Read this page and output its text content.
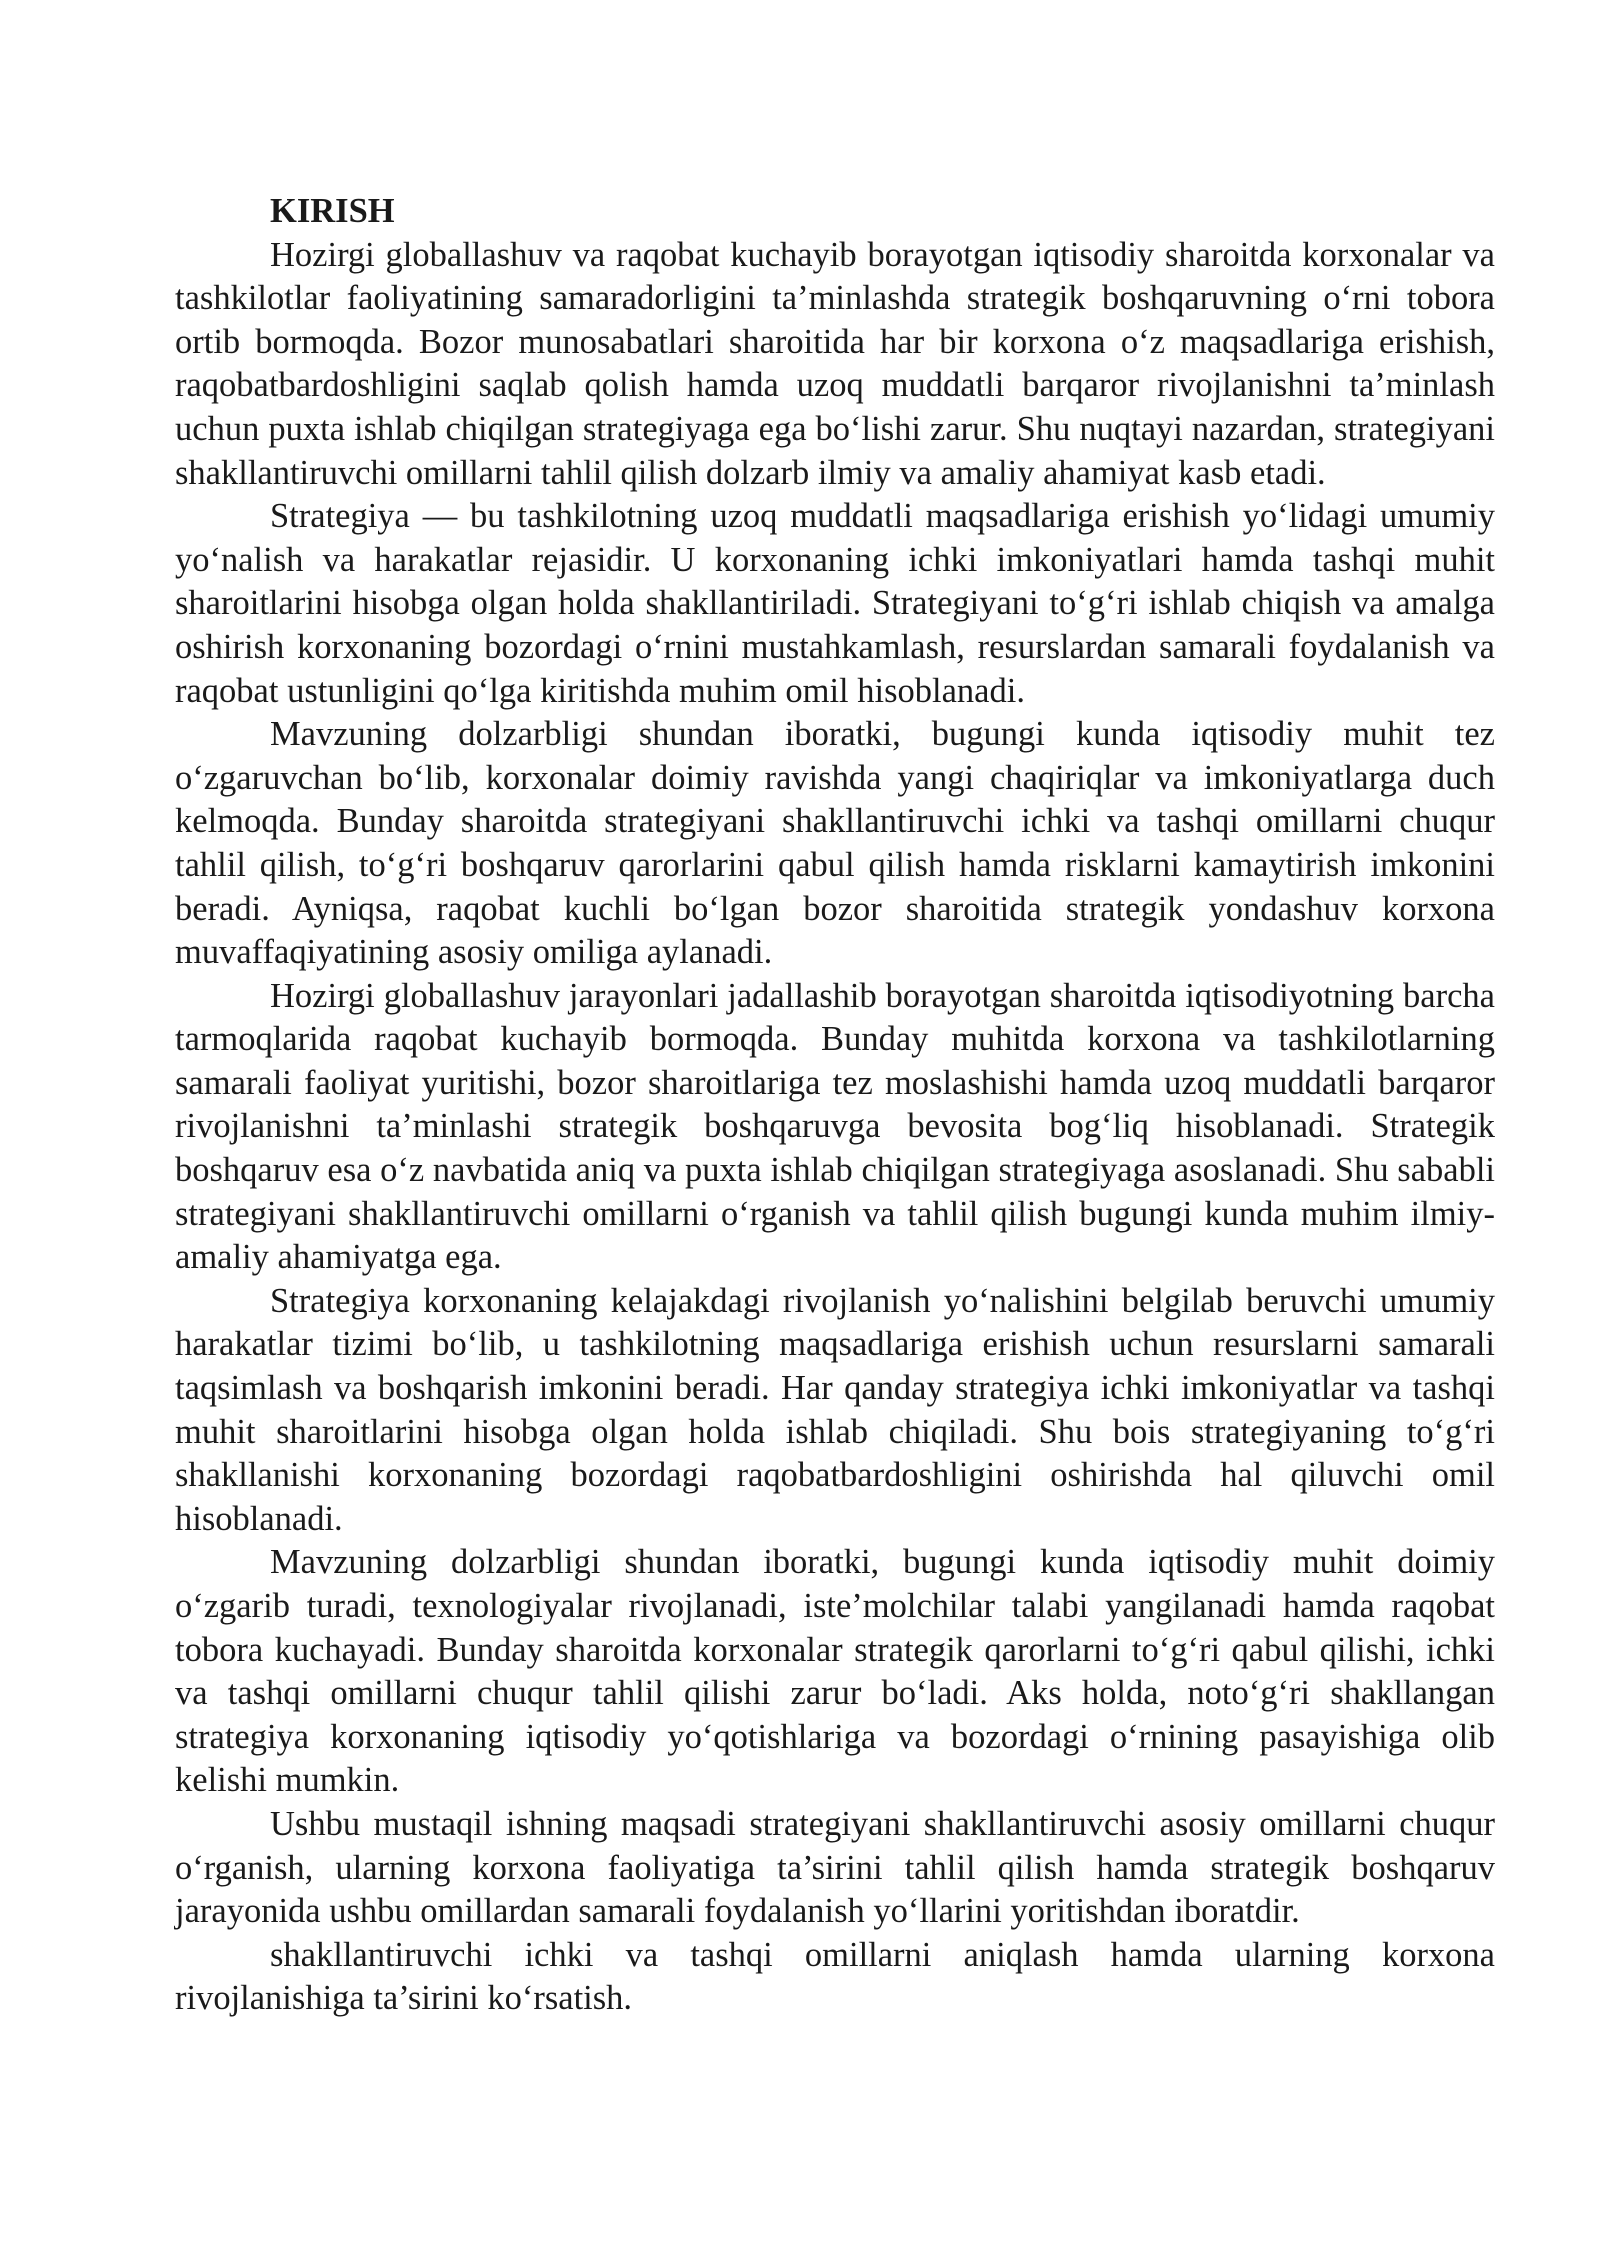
KIRISH

Hozirgi globallashuv va raqobat kuchayib borayotgan iqtisodiy sharoitda korxonalar va tashkilotlar faoliyatining samaradorligini ta’minlashda strategik boshqaruvning o‘rni tobora ortib bormoqda. Bozor munosabatlari sharoitida har bir korxona o‘z maqsadlariga erishish, raqobatbardoshligini saqlab qolish hamda uzoq muddatli barqaror rivojlanishni ta’minlash uchun puxta ishlab chiqilgan strategiyaga ega bo‘lishi zarur. Shu nuqtayi nazardan, strategiyani shakllantiruvchi omillarni tahlil qilish dolzarb ilmiy va amaliy ahamiyat kasb etadi.

Strategiya — bu tashkilotning uzoq muddatli maqsadlariga erishish yo‘lidagi umumiy yo‘nalish va harakatlar rejasidir. U korxonaning ichki imkoniyatlari hamda tashqi muhit sharoitlarini hisobga olgan holda shakllantiriladi. Strategiyani to‘g‘ri ishlab chiqish va amalga oshirish korxonaning bozordagi o‘rnini mustahkamlash, resurslardan samarali foydalanish va raqobat ustunligini qo‘lga kiritishda muhim omil hisoblanadi.

Mavzuning dolzarbligi shundan iboratki, bugungi kunda iqtisodiy muhit tez o‘zgaruvchan bo‘lib, korxonalar doimiy ravishda yangi chaqiriqlar va imkoniyatlarga duch kelmoqda. Bunday sharoitda strategiyani shakllantiruvchi ichki va tashqi omillarni chuqur tahlil qilish, to‘g‘ri boshqaruv qarorlarini qabul qilish hamda risklarni kamaytirish imkonini beradi. Ayniqsa, raqobat kuchli bo‘lgan bozor sharoitida strategik yondashuv korxona muvaffaqiyatining asosiy omiliga aylanadi.

Hozirgi globallashuv jarayonlari jadallashib borayotgan sharoitda iqtisodiyotning barcha tarmoqlarida raqobat kuchayib bormoqda. Bunday muhitda korxona va tashkilotlarning samarali faoliyat yuritishi, bozor sharoitlariga tez moslashishi hamda uzoq muddatli barqaror rivojlanishni ta’minlashi strategik boshqaruvga bevosita bog‘liq hisoblanadi. Strategik boshqaruv esa o‘z navbatida aniq va puxta ishlab chiqilgan strategiyaga asoslanadi. Shu sababli strategiyani shakllantiruvchi omillarni o‘rganish va tahlil qilish bugungi kunda muhim ilmiy-amaliy ahamiyatga ega.

Strategiya korxonaning kelajakdagi rivojlanish yo‘nalishini belgilab beruvchi umumiy harakatlar tizimi bo‘lib, u tashkilotning maqsadlariga erishish uchun resurslarni samarali taqsimlash va boshqarish imkonini beradi. Har qanday strategiya ichki imkoniyatlar va tashqi muhit sharoitlarini hisobga olgan holda ishlab chiqiladi. Shu bois strategiyaning to‘g‘ri shakllanishi korxonaning bozordagi raqobatbardoshligini oshirishda hal qiluvchi omil hisoblanadi.

Mavzuning dolzarbligi shundan iboratki, bugungi kunda iqtisodiy muhit doimiy o‘zgarib turadi, texnologiyalar rivojlanadi, iste’molchilar talabi yangilanadi hamda raqobat tobora kuchayadi. Bunday sharoitda korxonalar strategik qarorlarni to‘g‘ri qabul qilishi, ichki va tashqi omillarni chuqur tahlil qilishi zarur bo‘ladi. Aks holda, noto‘g‘ri shakllangan strategiya korxonaning iqtisodiy yo‘qotishlariga va bozordagi o‘rnining pasayishiga olib kelishi mumkin.

Ushbu mustaqil ishning maqsadi strategiyani shakllantiruvchi asosiy omillarni chuqur o‘rganish, ularning korxona faoliyatiga ta’sirini tahlil qilish hamda strategik boshqaruv jarayonida ushbu omillardan samarali foydalanish yo‘llarini yoritishdan iboratdir.

shakllantiruvchi ichki va tashqi omillarni aniqlash hamda ularning korxona rivojlanishiga ta’sirini ko‘rsatish.
